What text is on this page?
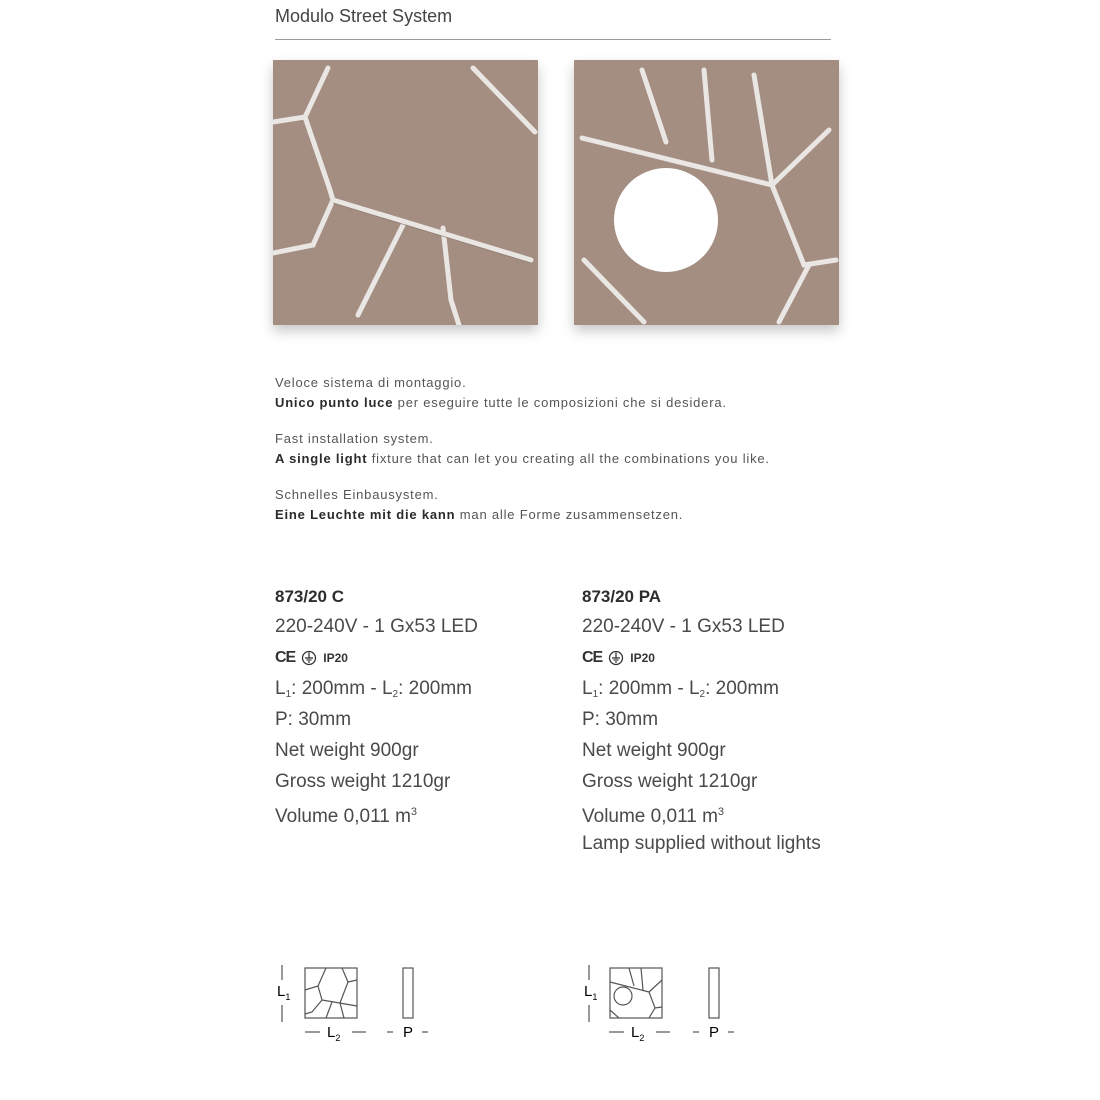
Modulo Street System
Veloce sistema di montaggio.
Unico punto luce per eseguire tutte le composizioni che si desidera.
Fast installation system.
A single light fixture that can let you creating all the combinations you like.
Schnelles Einbausystem.
Eine Leuchte mit die kann man alle Forme zusammensetzen.
873/20 C
220-240V - 1 Gx53 LED
CE IP20
$L_1$: $200mm - L_2$: 200mm
P: 30mm
Net weight 900gr
Gross weight 1210gr
Volume 0,011 $m^3$
873/20 PA
220-240V - 1 Gx53 LED
CE IP20
$L_1$: $200mm - L_2$: 200mm
P: 30mm
Net weight 900gr
Gross weight 1210gr
Volume 0,011 $m^3$
Lamp supplied without lights
$L_1$
$L_2$	P
$L_1$
$L_2$	P
